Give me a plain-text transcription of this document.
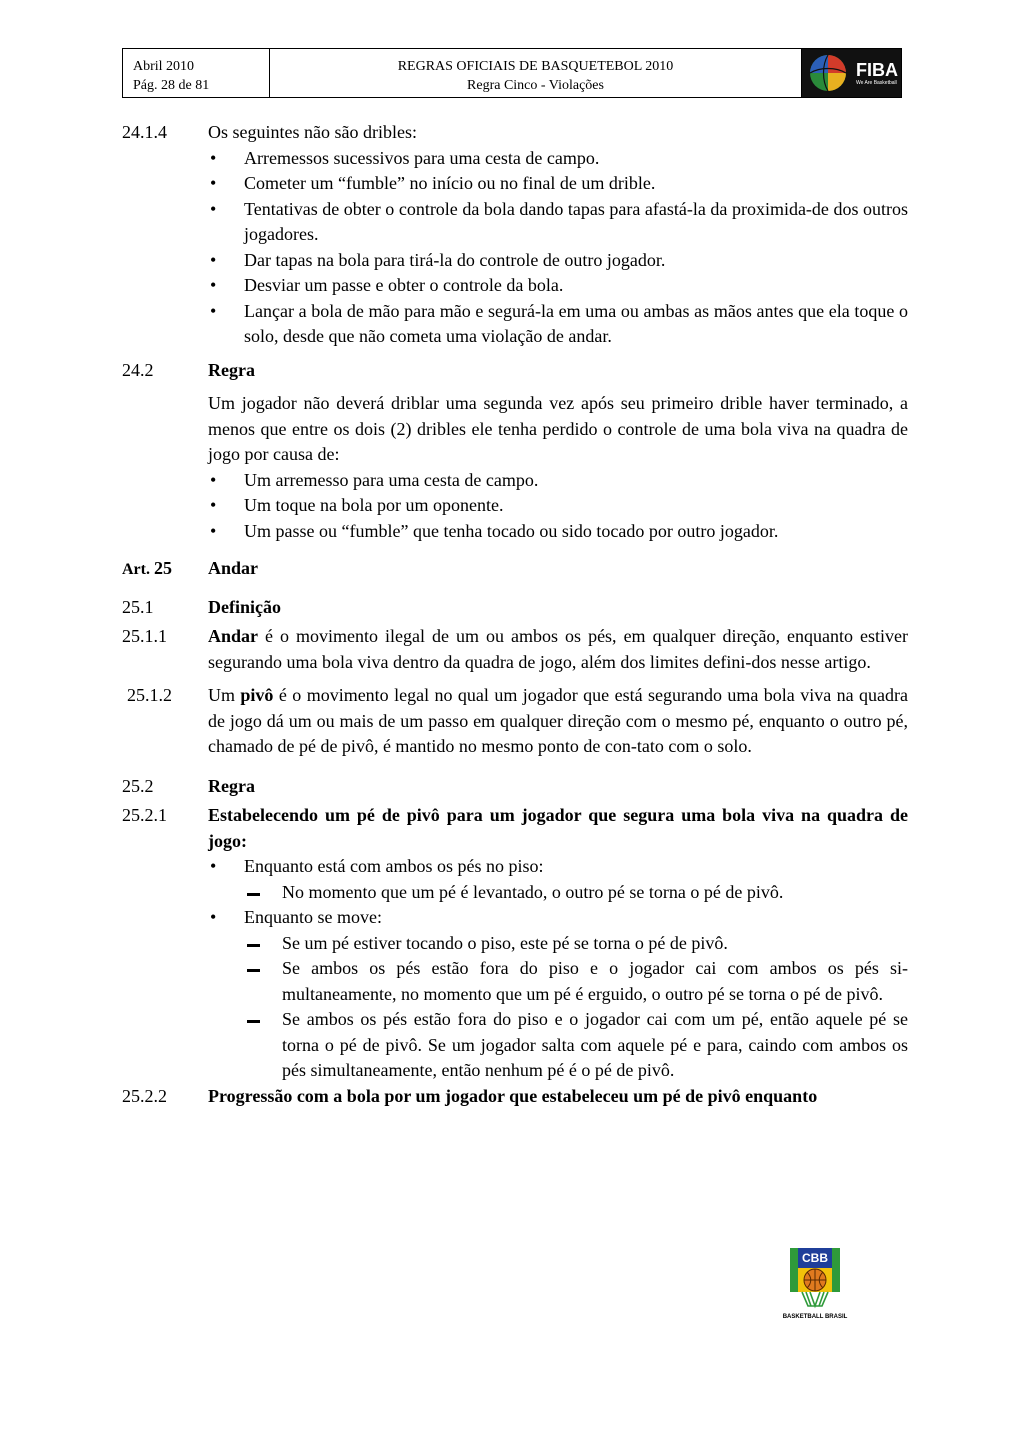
Abril 2010
Pág. 28 de 81
REGRAS OFICIAIS DE BASQUETEBOL 2010
Regra Cinco - Violações
FIBA
We Are Basketball
24.1.4	Os seguintes não são dribles:
• Arremessos sucessivos para uma cesta de campo.
• Cometer um “fumble” no início ou no final de um drible.
• Tentativas de obter o controle da bola dando tapas para afastá-la da proximida-de dos outros jogadores.
• Dar tapas na bola para tirá-la do controle de outro jogador.
• Desviar um passe e obter o controle da bola.
• Lançar a bola de mão para mão e segurá-la em uma ou ambas as mãos antes que ela toque o solo, desde que não cometa uma violação de andar.
24.2	Regra
Um jogador não deverá driblar uma segunda vez após seu primeiro drible haver terminado, a menos que entre os dois (2) dribles ele tenha perdido o controle de uma bola viva na quadra de jogo por causa de:
• Um arremesso para uma cesta de campo.
• Um toque na bola por um oponente.
• Um passe ou “fumble” que tenha tocado ou sido tocado por outro jogador.
Art. 25	Andar
25.1	Definição
25.1.1	Andar é o movimento ilegal de um ou ambos os pés, em qualquer direção, enquanto estiver segurando uma bola viva dentro da quadra de jogo, além dos limites defini-dos nesse artigo.
25.1.2	Um pivô é o movimento legal no qual um jogador que está segurando uma bola viva na quadra de jogo dá um ou mais de um passo em qualquer direção com o mesmo pé, enquanto o outro pé, chamado de pé de pivô, é mantido no mesmo ponto de con-tato com o solo.
25.2	Regra
25.2.1	Estabelecendo um pé de pivô para um jogador que segura uma bola viva na quadra de jogo:
• Enquanto está com ambos os pés no piso:
No momento que um pé é levantado, o outro pé se torna o pé de pivô.
• Enquanto se move:
Se um pé estiver tocando o piso, este pé se torna o pé de pivô.
Se ambos os pés estão fora do piso e o jogador cai com ambos os pés si-multaneamente, no momento que um pé é erguido, o outro pé se torna o pé de pivô.
Se ambos os pés estão fora do piso e o jogador cai com um pé, então aquele pé se torna o pé de pivô. Se um jogador salta com aquele pé e para, caindo com ambos os pés simultaneamente, então nenhum pé é o pé de pivô.
25.2.2	Progressão com a bola por um jogador que estabeleceu um pé de pivô enquanto
CBB
BASKETBALL BRASIL
